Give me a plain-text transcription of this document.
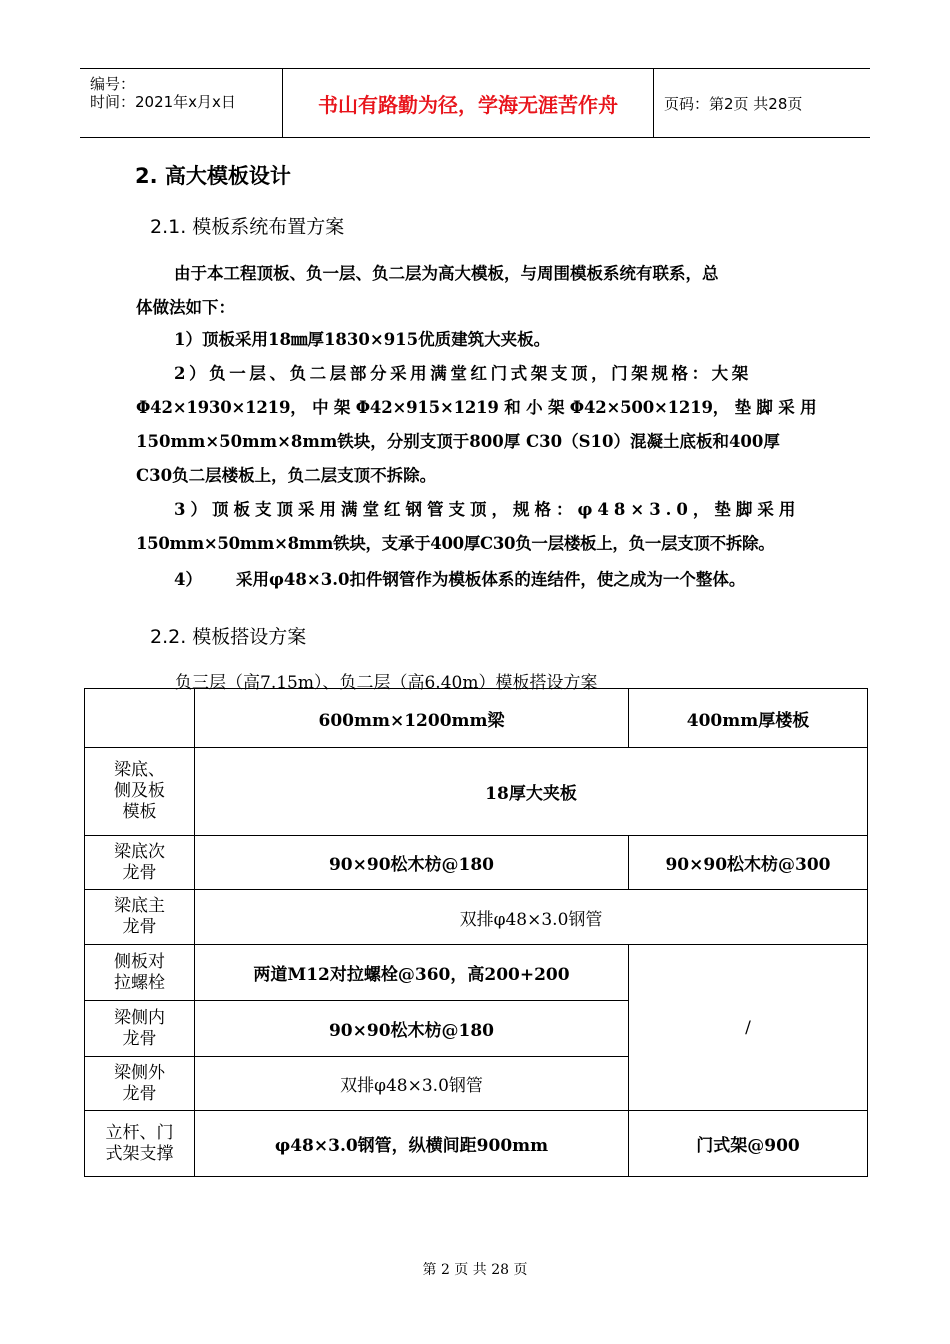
编号：
时间：2021年x月x日	书山有路勤为径，学海无涯苦作舟	页码：第2页 共28页
2. 高大模板设计
2.1. 模板系统布置方案
由于本工程顶板、负一层、负二层为高大模板，与周围模板系统有联系，总
体做法如下：
1）顶板采用18㎜厚1830×915优质建筑大夹板。
2）负一层、负二层部分采用满堂红门式架支顶，门架规格：大架
Φ42×1930×1219， 中 架 Φ42×915×1219 和 小 架 Φ42×500×1219， 垫 脚 采 用
150mm×50mm×8mm铁块，分别支顶于800厚 C30（S10）混凝土底板和400厚
C30负二层楼板上，负二层支顶不拆除。
3）顶板支顶采用满堂红钢管支顶，规格：φ48×3.0，垫脚采用
150mm×50mm×8mm铁块，支承于400厚C30负一层楼板上，负一层支顶不拆除。
4） 采用φ48×3.0扣件钢管作为模板体系的连结件，使之成为一个整体。
2.2. 模板搭设方案
负三层（高7.15m）、负二层（高6.40m）模板搭设方案
	600mm×1200mm梁	400mm厚楼板
梁底、侧及板模板	18厚大夹板	
梁底次龙骨	90×90松木枋@180	90×90松木枋@300
梁底主龙骨	双排φ48×3.0钢管	
侧板对拉螺栓	两道M12对拉螺栓@360，高200+200	/
梁侧内龙骨	90×90松木枋@180	
梁侧外龙骨	双排φ48×3.0钢管	
立杆、门式架支撑	φ48×3.0钢管，纵横间距900mm	门式架@900
第 2 页 共 28 页
